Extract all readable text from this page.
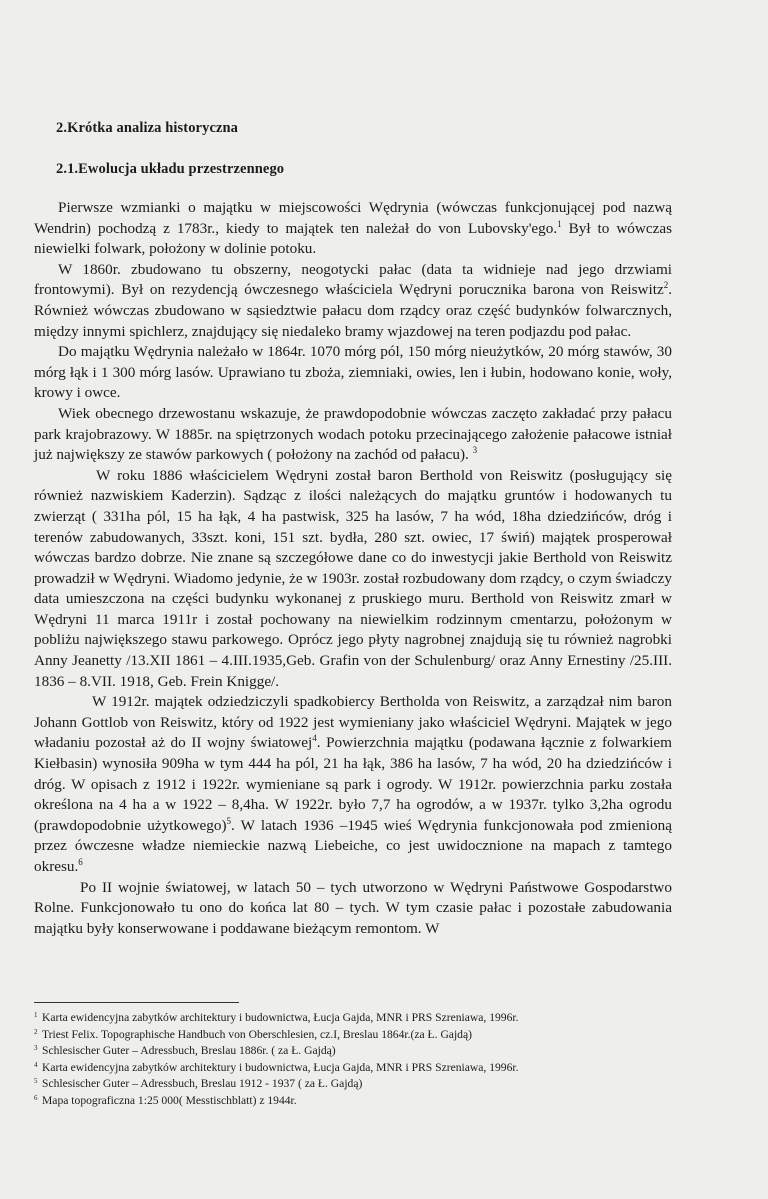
2.Krótka analiza historyczna
2.1.Ewolucja układu przestrzennego

Pierwsze wzmianki o majątku w miejscowości Wędrynia (wówczas funkcjonującej pod nazwą Wendrin) pochodzą z 1783r., kiedy to majątek ten należał do von Lubovsky'ego.$^1$ Był to wówczas niewielki folwark, położony w dolinie potoku.

W 1860r. zbudowano tu obszerny, neogotycki pałac (data ta widnieje nad jego drzwiami frontowymi). Był on rezydencją ówczesnego właściciela Wędryni porucznika barona von Reiswitz$^2$. Również wówczas zbudowano w sąsiedztwie pałacu dom rządcy oraz część budynków folwarcznych, między innymi spichlerz, znajdujący się niedaleko bramy wjazdowej na teren podjazdu pod pałac.

Do majątku Wędrynia należało w 1864r. 1070 mórg pól, 150 mórg nieużytków, 20 mórg stawów, 30 mórg łąk i 1 300 mórg lasów. Uprawiano tu zboża, ziemniaki, owies, len i łubin, hodowano konie, woły, krowy i owce.

Wiek obecnego drzewostanu wskazuje, że prawdopodobnie wówczas zaczęto zakładać przy pałacu park krajobrazowy. W 1885r. na spiętrzonych wodach potoku przecinającego założenie pałacowe istniał już największy ze stawów parkowych ( położony na zachód od pałacu). $^3$

W roku 1886 właścicielem Wędryni został baron Berthold von Reiswitz (posługujący się również nazwiskiem Kaderzin). Sądząc z ilości należących do majątku gruntów i hodowanych tu zwierząt ( 331ha pól, 15 ha łąk, 4 ha pastwisk, 325 ha lasów, 7 ha wód, 18ha dziedzińców, dróg i terenów zabudowanych, 33szt. koni, 151 szt. bydła, 280 szt. owiec, 17 świń) majątek prosperował wówczas bardzo dobrze. Nie znane są szczegółowe dane co do inwestycji jakie Berthold von Reiswitz prowadził w Wędryni. Wiadomo jedynie, że w 1903r. został rozbudowany dom rządcy, o czym świadczy data umieszczona na części budynku wykonanej z pruskiego muru. Berthold von Reiswitz zmarł w Wędryni 11 marca 1911r i został pochowany na niewielkim rodzinnym cmentarzu, położonym w pobliżu największego stawu parkowego. Oprócz jego płyty nagrobnej znajdują się tu również nagrobki Anny Jeanetty /13.XII 1861 – 4.III.1935,Geb. Grafin von der Schulenburg/ oraz Anny Ernestiny /25.III. 1836 – 8.VII. 1918, Geb. Frein Knigge/.

W 1912r. majątek odziedziczyli spadkobiercy Bertholda von Reiswitz, a zarządzał nim baron Johann Gottlob von Reiswitz, który od 1922 jest wymieniany jako właściciel Wędryni. Majątek w jego władaniu pozostał aż do II wojny światowej$^4$. Powierzchnia majątku (podawana łącznie z folwarkiem Kiełbasin) wynosiła 909ha w tym 444 ha pól, 21 ha łąk, 386 ha lasów, 7 ha wód, 20 ha dziedzińców i dróg. W opisach z 1912 i 1922r. wymieniane są park i ogrody. W 1912r. powierzchnia parku została określona na 4 ha a w 1922 – 8,4ha. W 1922r. było 7,7 ha ogrodów, a w 1937r. tylko 3,2ha ogrodu (prawdopodobnie użytkowego)$^5$. W latach 1936 –1945 wieś Wędrynia funkcjonowała pod zmienioną przez ówczesne władze niemieckie nazwą Liebeiche, co jest uwidocznione na mapach z tamtego okresu.$^6$

Po II wojnie światowej, w latach 50 – tych utworzono w Wędryni Państwowe Gospodarstwo Rolne. Funkcjonowało tu ono do końca lat 80 – tych. W tym czasie pałac i pozostałe zabudowania majątku były konserwowane i poddawane bieżącym remontom. W

1 Karta ewidencyjna zabytków architektury i budownictwa, Łucja Gajda, MNR i PRS Szreniawa, 1996r.
2 Triest Felix. Topographische Handbuch von Oberschlesien, cz.I, Breslau 1864r.(za Ł. Gajdą)
3 Schlesischer Guter – Adressbuch, Breslau 1886r. ( za Ł. Gajdą)
4 Karta ewidencyjna zabytków architektury i budownictwa, Łucja Gajda, MNR i PRS Szreniawa, 1996r.
5 Schlesischer Guter – Adressbuch, Breslau 1912 - 1937 ( za Ł. Gajdą)
6 Mapa topograficzna 1:25 000( Messtischblatt) z 1944r.
